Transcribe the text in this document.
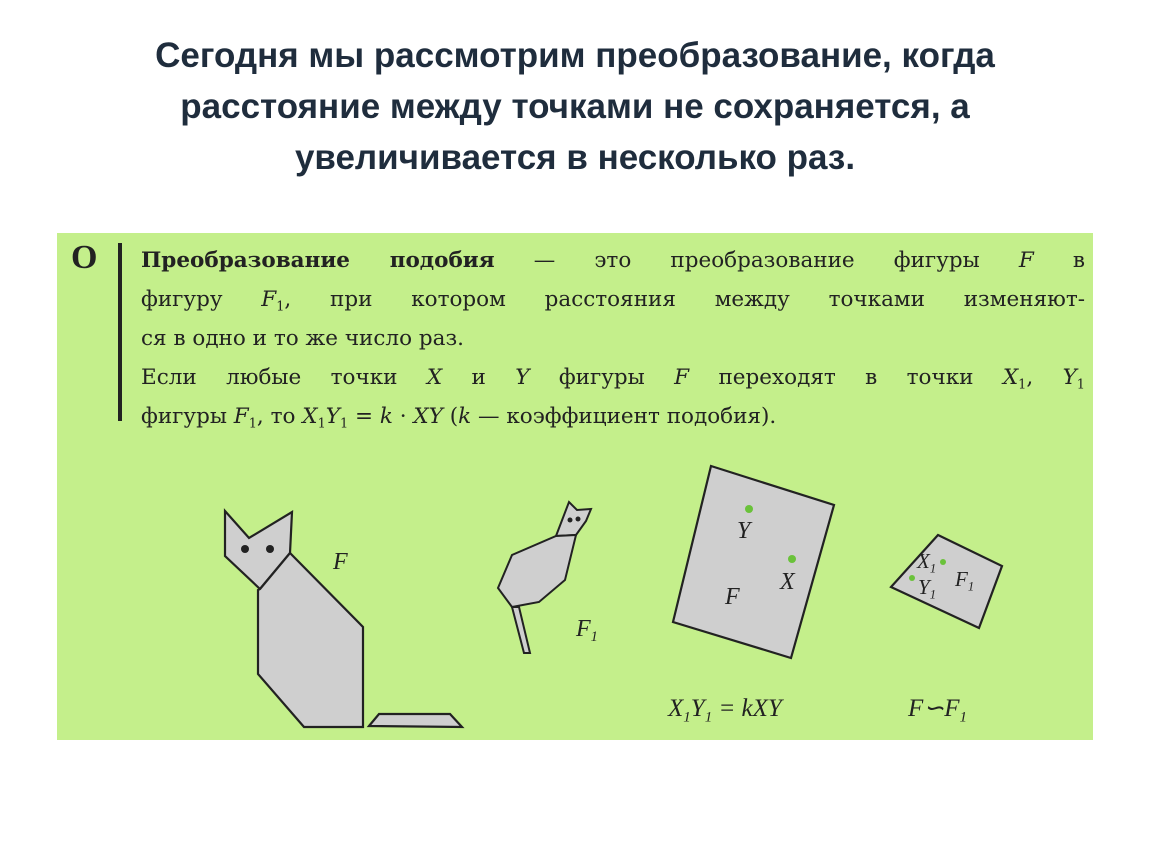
Сегодня мы рассмотрим преобразование, когда
расстояние между точками не сохраняется, а
увеличивается в несколько раз.
О Преобразование подобия — это преобразование фигуры F в
фигуру $F_1$, при котором расстояния между точками изменяют-
ся в одно и то же число раз.
Если любые точки X и Y фигуры F переходят в точки $X_1$, $Y_1$
фигуры $F_1$, то $X_1Y_1 = k$ · XY (k — коэффициент подобия).
F
$F_1$
Y
X
F
$X_1$
$Y_1$
$F_1$
$X_1Y_1$ = kXY	$F∽F_1$
